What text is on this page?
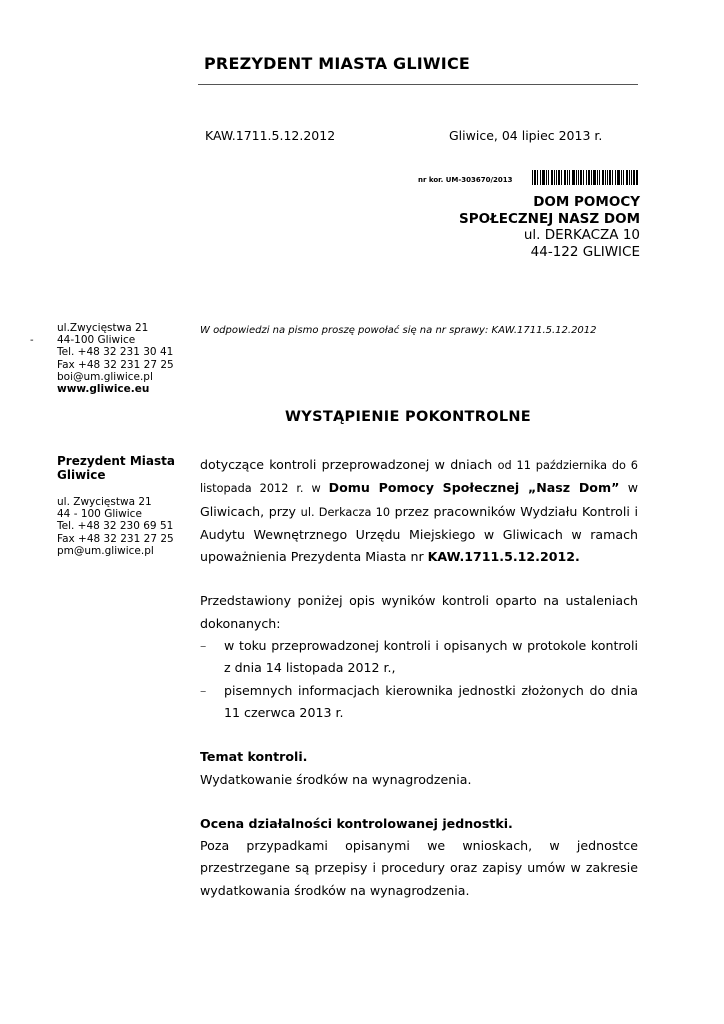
PREZYDENT MIASTA GLIWICE
KAW.1711.5.12.2012	Gliwice, 04 lipiec 2013 r.
nr kor. UM-303670/2013
DOM POMOCY
SPOŁECZNEJ NASZ DOM
ul. DERKACZA 10
44-122 GLIWICE
-
ul.Zwycięstwa 21
44-100 Gliwice
Tel. +48 32 231 30 41
Fax +48 32 231 27 25
boi@um.gliwice.pl
www.gliwice.eu
W odpowiedzi na pismo proszę powołać się na nr sprawy: KAW.1711.5.12.2012
Prezydent Miasta
Gliwice
ul. Zwycięstwa 21
44 - 100 Gliwice
Tel. +48 32 230 69 51
Fax +48 32 231 27 25
pm@um.gliwice.pl
WYSTĄPIENIE POKONTROLNE

dotyczące kontroli przeprowadzonej w dniach od 11 października do 6 listopada 2012 r. w Domu Pomocy Społecznej „Nasz Dom” w Gliwicach, przy ul. Derkacza 10 przez pracowników Wydziału Kontroli i Audytu Wewnętrznego Urzędu Miejskiego w Gliwicach w ramach upoważnienia Prezydenta Miasta nr KAW.1711.5.12.2012.

Przedstawiony poniżej opis wyników kontroli oparto na ustaleniach dokonanych:

–	w toku przeprowadzonej kontroli i opisanych w protokole kontroli z dnia 14 listopada 2012 r.,
–	pisemnych informacjach kierownika jednostki złożonych do dnia 11 czerwca 2013 r.

Temat kontroli.

Wydatkowanie środków na wynagrodzenia.

Ocena działalności kontrolowanej jednostki.

Poza przypadkami opisanymi we wnioskach, w jednostce przestrzegane są przepisy i procedury oraz zapisy umów w zakresie wydatkowania środków na wynagrodzenia.
